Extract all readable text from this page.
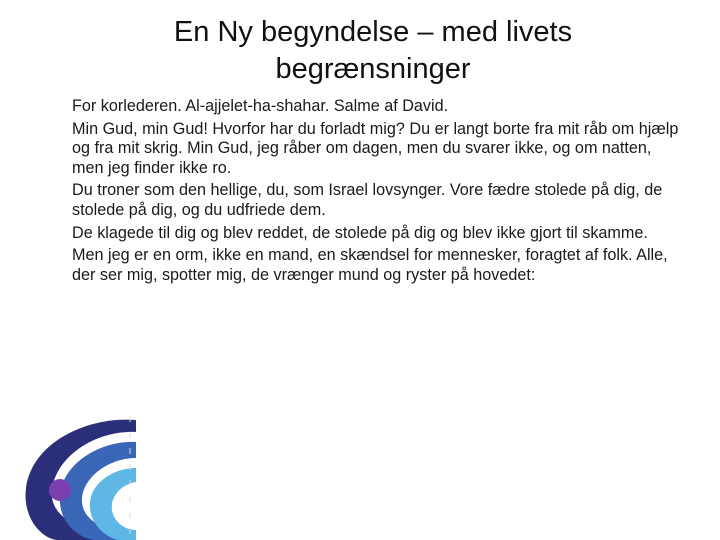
En Ny begyndelse – med livets
begrænsninger

For korlederen. Al-ajjelet-ha-shahar. Salme af David.

Min Gud, min Gud! Hvorfor har du forladt mig? Du er langt borte fra mit råb om hjælp og fra mit skrig. Min Gud, jeg råber om dagen, men du svarer ikke, og om natten, men jeg finder ikke ro.

Du troner som den hellige, du, som Israel lovsynger. Vore fædre stolede på dig, de stolede på dig, og du udfriede dem.

De klagede til dig og blev reddet, de stolede på dig og blev ikke gjort til skamme.

Men jeg er en orm, ikke en mand, en skændsel for mennesker, foragtet af folk. Alle, der ser mig, spotter mig, de vrænger mund og ryster på hovedet:
